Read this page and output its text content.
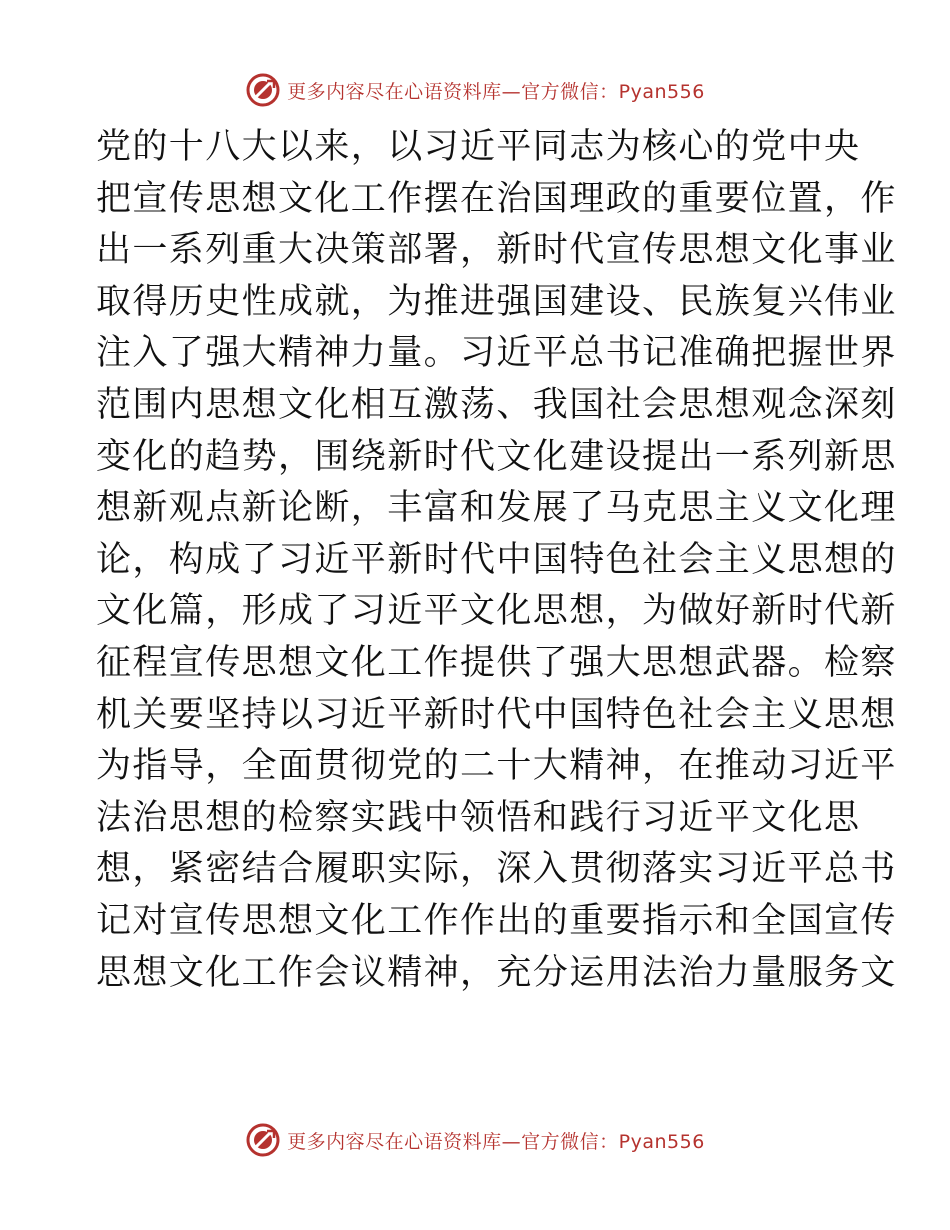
更多内容尽在心语资料库—官方微信：Pyan556
党的十八大以来，以习近平同志为核心的党中央
把宣传思想文化工作摆在治国理政的重要位置，作
出一系列重大决策部署，新时代宣传思想文化事业
取得历史性成就，为推进强国建设、民族复兴伟业
注入了强大精神力量。习近平总书记准确把握世界
范围内思想文化相互激荡、我国社会思想观念深刻
变化的趋势，围绕新时代文化建设提出一系列新思
想新观点新论断，丰富和发展了马克思主义文化理
论，构成了习近平新时代中国特色社会主义思想的
文化篇，形成了习近平文化思想，为做好新时代新
征程宣传思想文化工作提供了强大思想武器。检察
机关要坚持以习近平新时代中国特色社会主义思想
为指导，全面贯彻党的二十大精神，在推动习近平
法治思想的检察实践中领悟和践行习近平文化思
想，紧密结合履职实际，深入贯彻落实习近平总书
记对宣传思想文化工作作出的重要指示和全国宣传
思想文化工作会议精神，充分运用法治力量服务文
更多内容尽在心语资料库—官方微信：Pyan556
